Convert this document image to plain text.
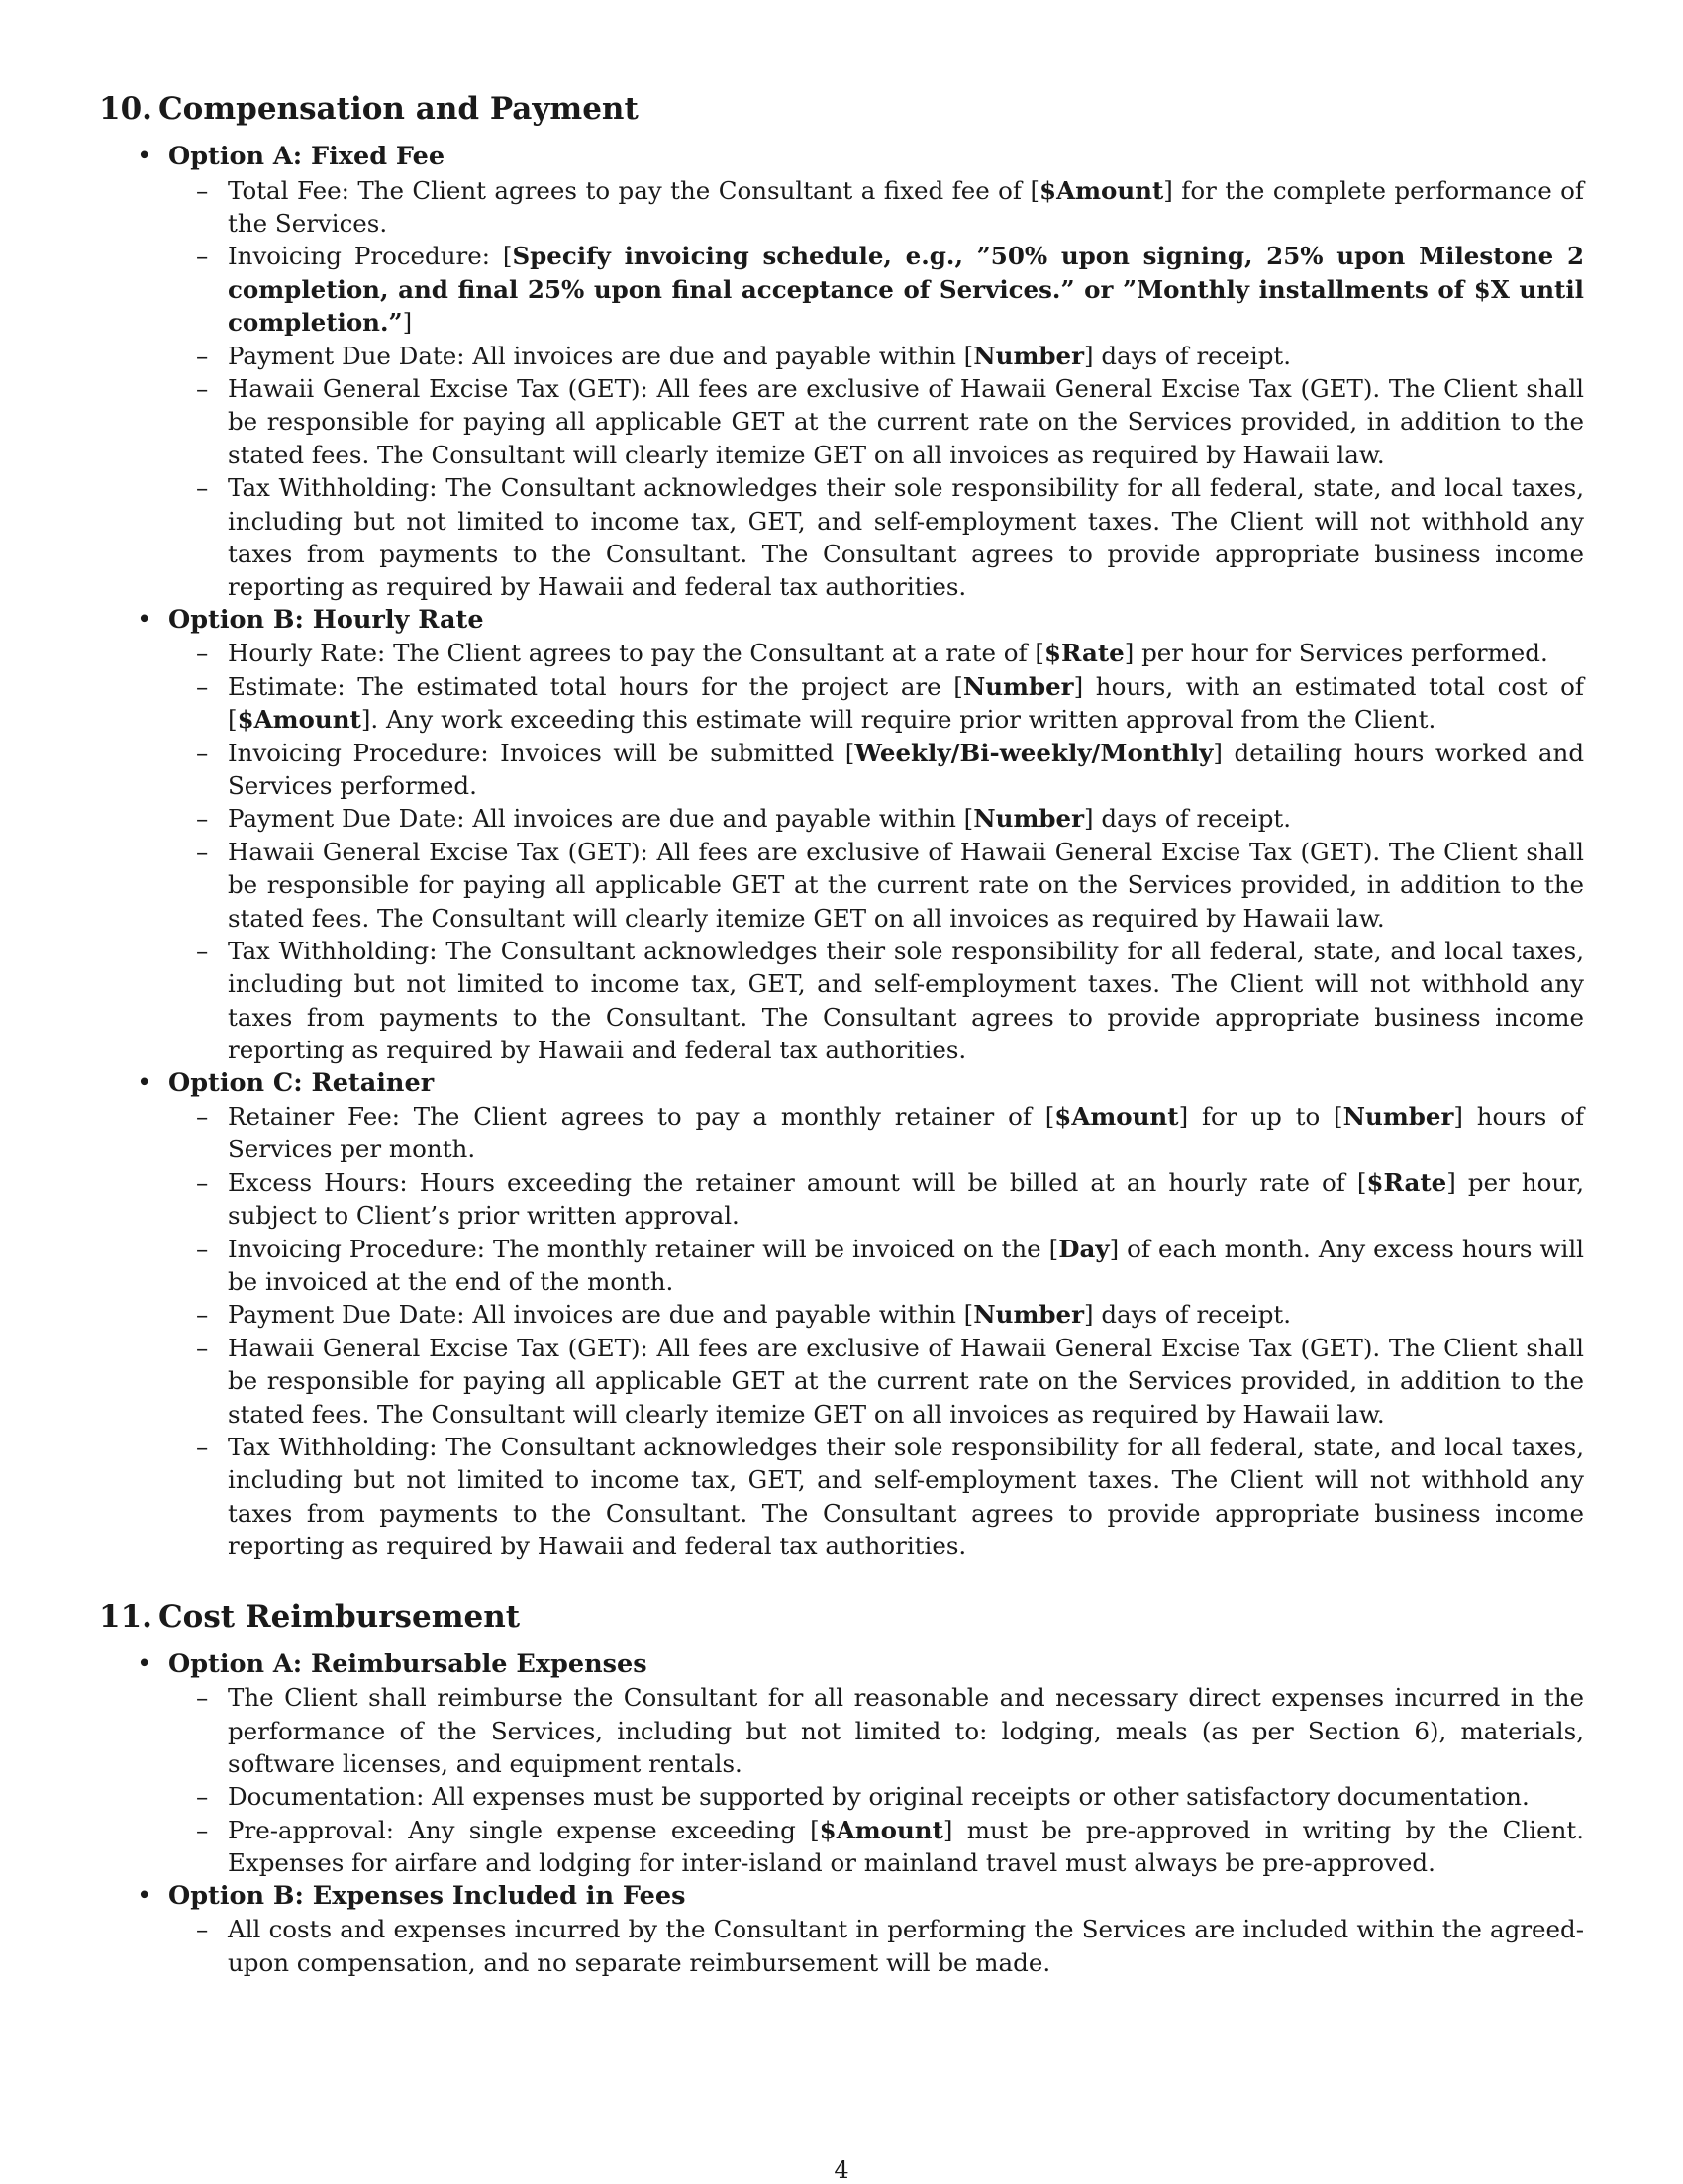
10. Compensation and Payment
• Option A: Fixed Fee
– Total Fee: The Client agrees to pay the Consultant a fixed fee of [$Amount] for the complete performance of the Services.
– Invoicing Procedure: [Specify invoicing schedule, e.g., ”50% upon signing, 25% upon Milestone 2 completion, and final 25% upon final acceptance of Services.” or ”Monthly installments of $X until completion.”]
– Payment Due Date: All invoices are due and payable within [Number] days of receipt.
– Hawaii General Excise Tax (GET): All fees are exclusive of Hawaii General Excise Tax (GET). The Client shall be responsible for paying all applicable GET at the current rate on the Services provided, in addition to the stated fees. The Consultant will clearly itemize GET on all invoices as required by Hawaii law.
– Tax Withholding: The Consultant acknowledges their sole responsibility for all federal, state, and local taxes, including but not limited to income tax, GET, and self-employment taxes. The Client will not withhold any taxes from payments to the Consultant. The Consultant agrees to provide appropriate business income reporting as required by Hawaii and federal tax authorities.
• Option B: Hourly Rate
– Hourly Rate: The Client agrees to pay the Consultant at a rate of [$Rate] per hour for Services performed.
– Estimate: The estimated total hours for the project are [Number] hours, with an estimated total cost of [$Amount]. Any work exceeding this estimate will require prior written approval from the Client.
– Invoicing Procedure: Invoices will be submitted [Weekly/Bi-weekly/Monthly] detailing hours worked and Services performed.
– Payment Due Date: All invoices are due and payable within [Number] days of receipt.
– Hawaii General Excise Tax (GET): All fees are exclusive of Hawaii General Excise Tax (GET). The Client shall be responsible for paying all applicable GET at the current rate on the Services provided, in addition to the stated fees. The Consultant will clearly itemize GET on all invoices as required by Hawaii law.
– Tax Withholding: The Consultant acknowledges their sole responsibility for all federal, state, and local taxes, including but not limited to income tax, GET, and self-employment taxes. The Client will not withhold any taxes from payments to the Consultant. The Consultant agrees to provide appropriate business income reporting as required by Hawaii and federal tax authorities.
• Option C: Retainer
– Retainer Fee: The Client agrees to pay a monthly retainer of [$Amount] for up to [Number] hours of Services per month.
– Excess Hours: Hours exceeding the retainer amount will be billed at an hourly rate of [$Rate] per hour, subject to Client’s prior written approval.
– Invoicing Procedure: The monthly retainer will be invoiced on the [Day] of each month. Any excess hours will be invoiced at the end of the month.
– Payment Due Date: All invoices are due and payable within [Number] days of receipt.
– Hawaii General Excise Tax (GET): All fees are exclusive of Hawaii General Excise Tax (GET). The Client shall be responsible for paying all applicable GET at the current rate on the Services provided, in addition to the stated fees. The Consultant will clearly itemize GET on all invoices as required by Hawaii law.
– Tax Withholding: The Consultant acknowledges their sole responsibility for all federal, state, and local taxes, including but not limited to income tax, GET, and self-employment taxes. The Client will not withhold any taxes from payments to the Consultant. The Consultant agrees to provide appropriate business income reporting as required by Hawaii and federal tax authorities.
11. Cost Reimbursement
• Option A: Reimbursable Expenses
– The Client shall reimburse the Consultant for all reasonable and necessary direct expenses incurred in the performance of the Services, including but not limited to: lodging, meals (as per Section 6), materials, software licenses, and equipment rentals.
– Documentation: All expenses must be supported by original receipts or other satisfactory documentation.
– Pre-approval: Any single expense exceeding [$Amount] must be pre-approved in writing by the Client. Expenses for airfare and lodging for inter-island or mainland travel must always be pre-approved.
• Option B: Expenses Included in Fees
– All costs and expenses incurred by the Consultant in performing the Services are included within the agreed-upon compensation, and no separate reimbursement will be made.
4
